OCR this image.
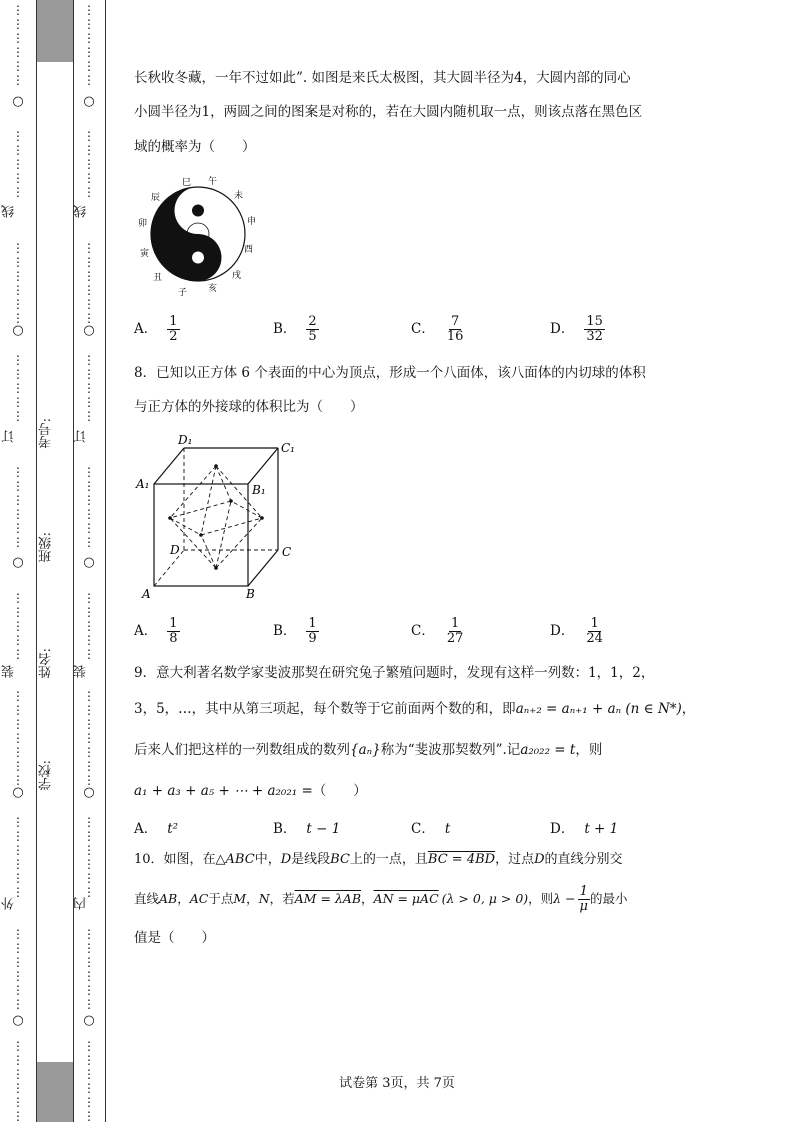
⋮
⋮
⋮
⋮
⋮
⋮
⋮
⋮
⋮
⋮
⋮
⋮
⋮
⋮
⋮
⋮
⋮
⋮
⋮
⋮
⋮
⋮
⋮
⋮
⋮
⋮
⋮
⋮
⋮
⋮
⋮
⋮
⋮
⋮
⋮
⋮
⋮
⋮
⋮
⋮
⋮
⋮
⋮
⋮
⋮
⋮
⋮
⋮
⋮
⋮
⋮
⋮
⋮
⋮
⋮
⋮
⋮
⋮
○
○
○
○
○
线
订
装
外
考号:
班级:
姓名:
学校:
⋮
⋮
⋮
⋮
⋮
⋮
⋮
⋮
⋮
⋮
⋮
⋮
⋮
⋮
⋮
⋮
⋮
⋮
⋮
⋮
⋮
⋮
⋮
⋮
⋮
⋮
⋮
⋮
⋮
⋮
⋮
⋮
⋮
⋮
⋮
⋮
⋮
⋮
⋮
⋮
⋮
⋮
⋮
⋮
⋮
⋮
⋮
⋮
⋮
⋮
⋮
⋮
⋮
⋮
⋮
⋮
⋮
⋮
○
○
○
○
○
线
订
装
内
长秋收冬藏，一年不过如此”. 如图是来氏太极图，其大圆半径为4，大圆内部的同心
小圆半径为1，两圆之间的图案是对称的，若在大圆内随机取一点，则该点落在黑色区
域的概率为（　　）
巳 午
未
申
酉
戌
亥
子
丑
寅
卯
辰
A． $\frac{1}{2}$	B． $\frac{2}{5}$	C． $\frac{7}{16}$	D． $\frac{15}{32}$
8．已知以正方体 6 个表面的中心为顶点，形成一个八面体，该八面体的内切球的体积
与正方体的外接球的体积比为（　　）
D₁
C₁
A₁	B₁
D	C
A	B
A． $\frac{1}{8}$	B． $\frac{1}{9}$	C． $\frac{1}{27}$	D． $\frac{1}{24}$
9．意大利著名数学家斐波那契在研究兔子繁殖问题时，发现有这样一列数：1，1，2，
3，5，…，其中从第三项起，每个数等于它前面两个数的和，即aₙ₊₂ = aₙ₊₁ + aₙ (n ∈ N*)，
后来人们把这样的一列数组成的数列{aₙ}称为“斐波那契数列”.记a₂₀₂₂ = t，则
a₁ + a₃ + a₅ + ⋯ + a₂₀₂₁ =（　　）
A． t²	B． t − 1	C． t	D． t + 1
10．如图，在△ABC中，D是线段BC上的一点，且BC = 4BD，过点D的直线分别交
直线AB，AC于点M，N，若AM = λAB，AN = μAC (λ > 0, μ > 0)，则$\lambda - \frac{1}{\mu}$ 的最小
值是（　　）
试卷第 3页，共 7页
